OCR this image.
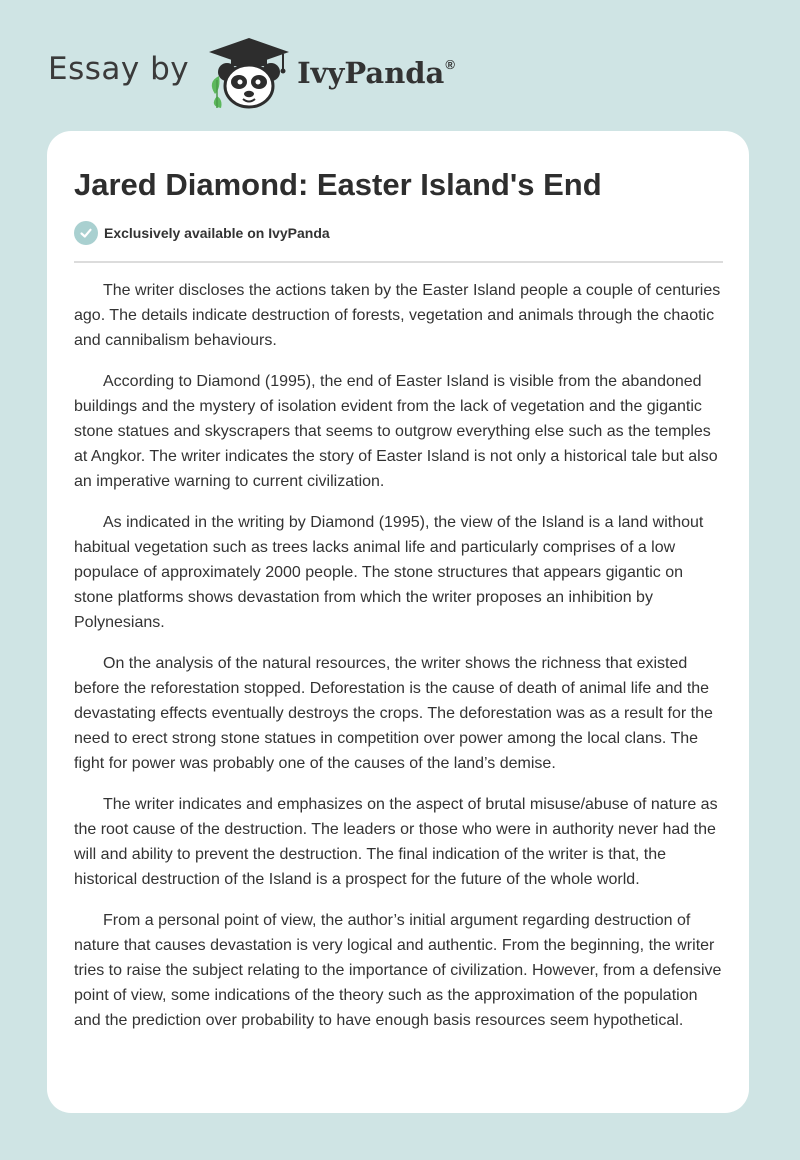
Essay by	IvyPanda®
Jared Diamond: Easter Island's End
Exclusively available on IvyPanda

The writer discloses the actions taken by the Easter Island people a couple of centuries ago. The details indicate destruction of forests, vegetation and animals through the chaotic and cannibalism behaviours.

According to Diamond (1995), the end of Easter Island is visible from the abandoned buildings and the mystery of isolation evident from the lack of vegetation and the gigantic stone statues and skyscrapers that seems to outgrow everything else such as the temples at Angkor. The writer indicates the story of Easter Island is not only a historical tale but also an imperative warning to current civilization.

As indicated in the writing by Diamond (1995), the view of the Island is a land without habitual vegetation such as trees lacks animal life and particularly comprises of a low populace of approximately 2000 people. The stone structures that appears gigantic on stone platforms shows devastation from which the writer proposes an inhibition by Polynesians.

On the analysis of the natural resources, the writer shows the richness that existed before the reforestation stopped. Deforestation is the cause of death of animal life and the devastating effects eventually destroys the crops. The deforestation was as a result for the need to erect strong stone statues in competition over power among the local clans. The fight for power was probably one of the causes of the land’s demise.

The writer indicates and emphasizes on the aspect of brutal misuse/abuse of nature as the root cause of the destruction. The leaders or those who were in authority never had the will and ability to prevent the destruction. The final indication of the writer is that, the historical destruction of the Island is a prospect for the future of the whole world.

From a personal point of view, the author’s initial argument regarding destruction of nature that causes devastation is very logical and authentic. From the beginning, the writer tries to raise the subject relating to the importance of civilization. However, from a defensive point of view, some indications of the theory such as the approximation of the population and the prediction over probability to have enough basis resources seem hypothetical.
